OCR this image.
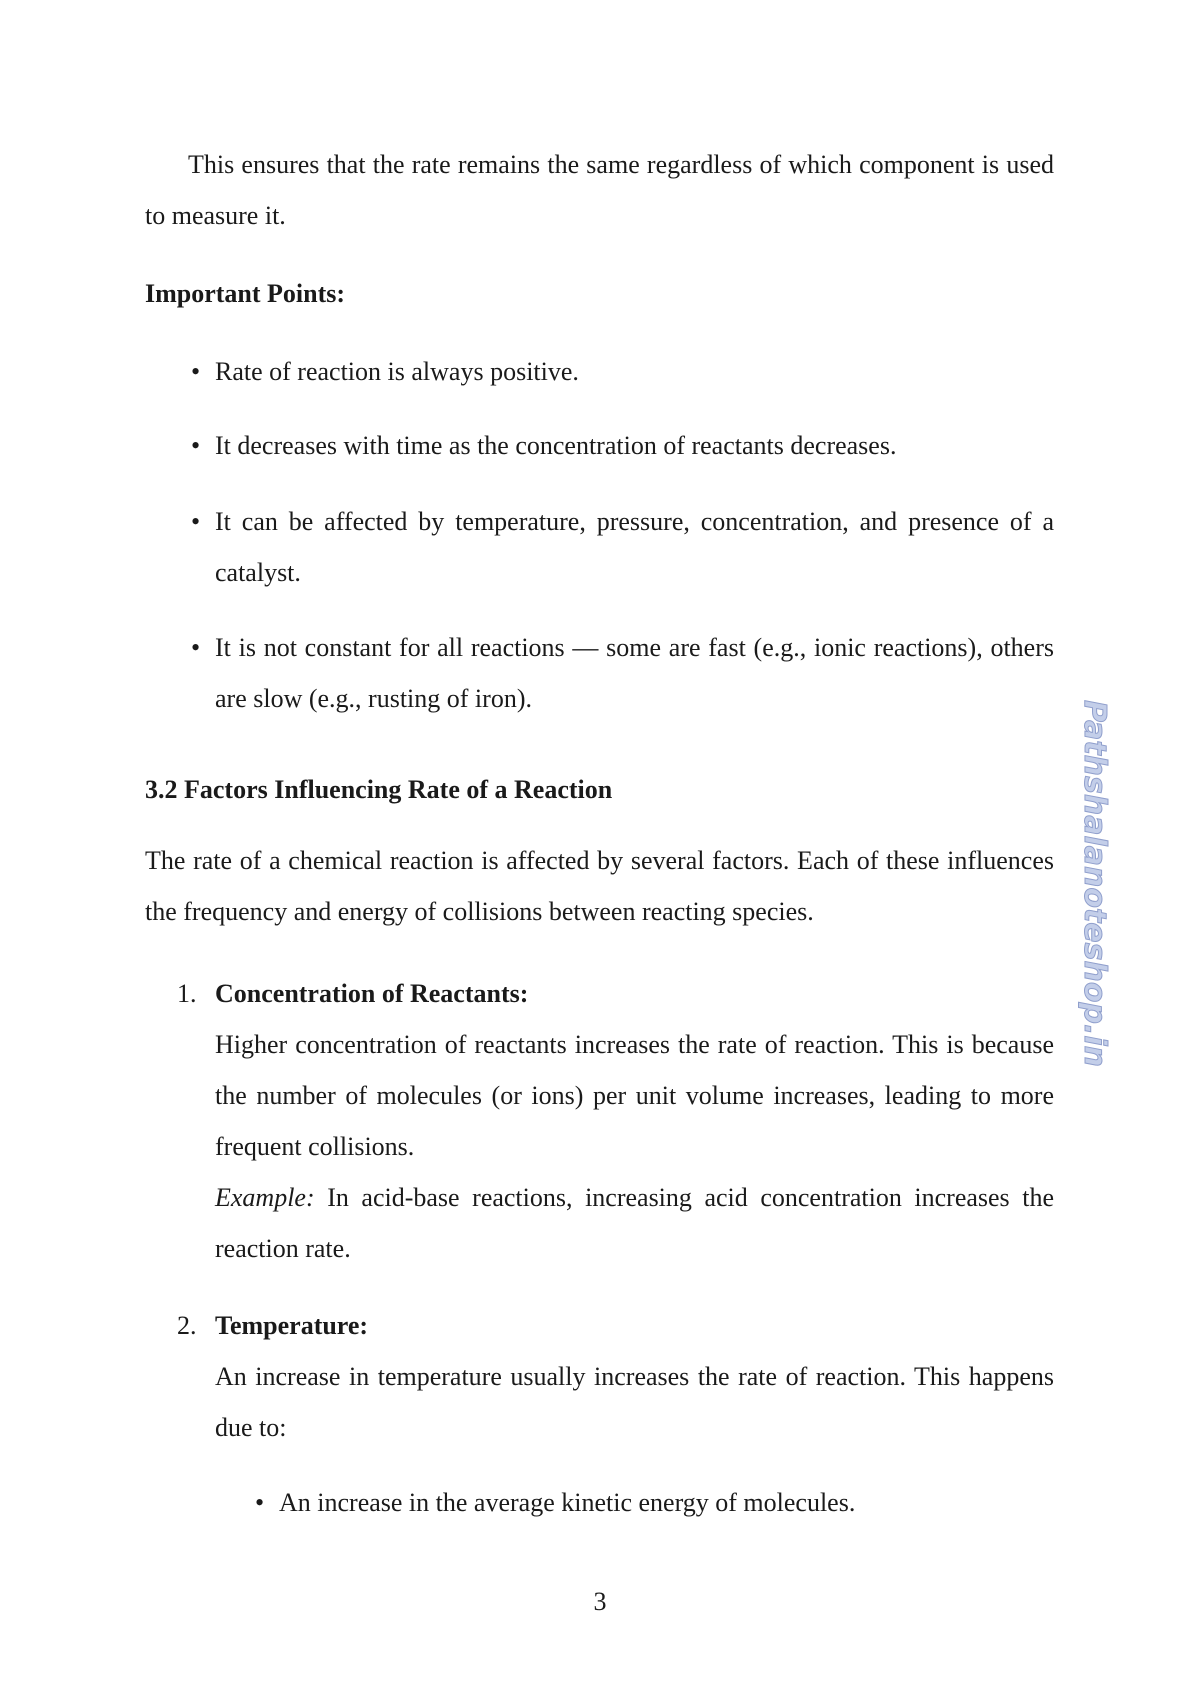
This ensures that the rate remains the same regardless of which component is used to measure it.
Important Points:
• Rate of reaction is always positive.
• It decreases with time as the concentration of reactants decreases.
• It can be affected by temperature, pressure, concentration, and presence of a catalyst.
• It is not constant for all reactions — some are fast (e.g., ionic reactions), others are slow (e.g., rusting of iron).
3.2 Factors Influencing Rate of a Reaction
The rate of a chemical reaction is affected by several factors. Each of these influences the frequency and energy of collisions between reacting species.
1. Concentration of Reactants:
Higher concentration of reactants increases the rate of reaction. This is because the number of molecules (or ions) per unit volume increases, leading to more frequent collisions.
Example: In acid-base reactions, increasing acid concentration increases the reaction rate.
2. Temperature:
An increase in temperature usually increases the rate of reaction. This happens due to:
• An increase in the average kinetic energy of molecules.
3
Pathshalanoteshop.in
